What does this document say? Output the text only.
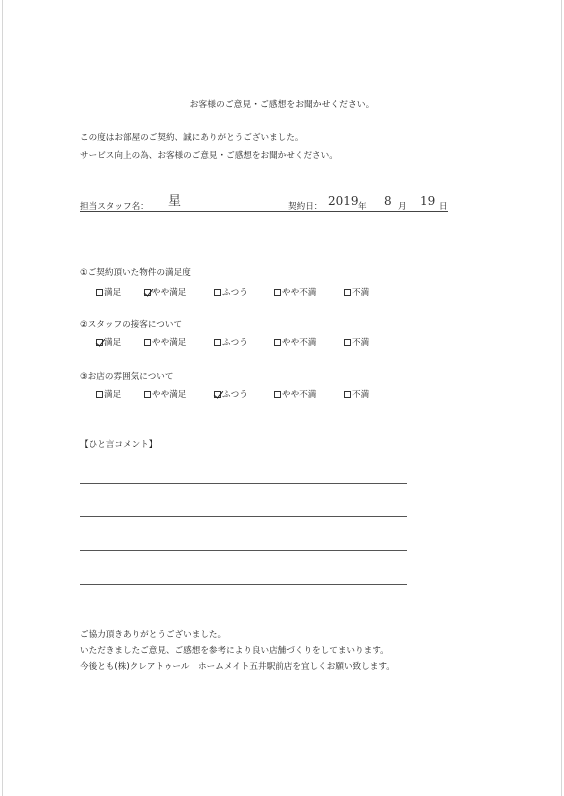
お客様のご意見・ご感想をお聞かせください。
この度はお部屋のご契約、誠にありがとうございました。
サービス向上の為、お客様のご意見・ご感想をお聞かせください。
担当スタッフ名： 星	契約日： 2019 年 8 月 19 日
①ご契約頂いた物件の満足度
満足	やや満足	ふつう	やや不満	不満
②スタッフの接客について
満足	やや満足	ふつう	やや不満	不満
③お店の雰囲気について
満足	やや満足	ふつう	やや不満	不満
【ひと言コメント】
ご協力頂きありがとうございました。
いただきましたご意見、ご感想を参考により良い店舗づくりをしてまいります。
今後とも(株)クレアトゥール　ホームメイト五井駅前店を宜しくお願い致します。
